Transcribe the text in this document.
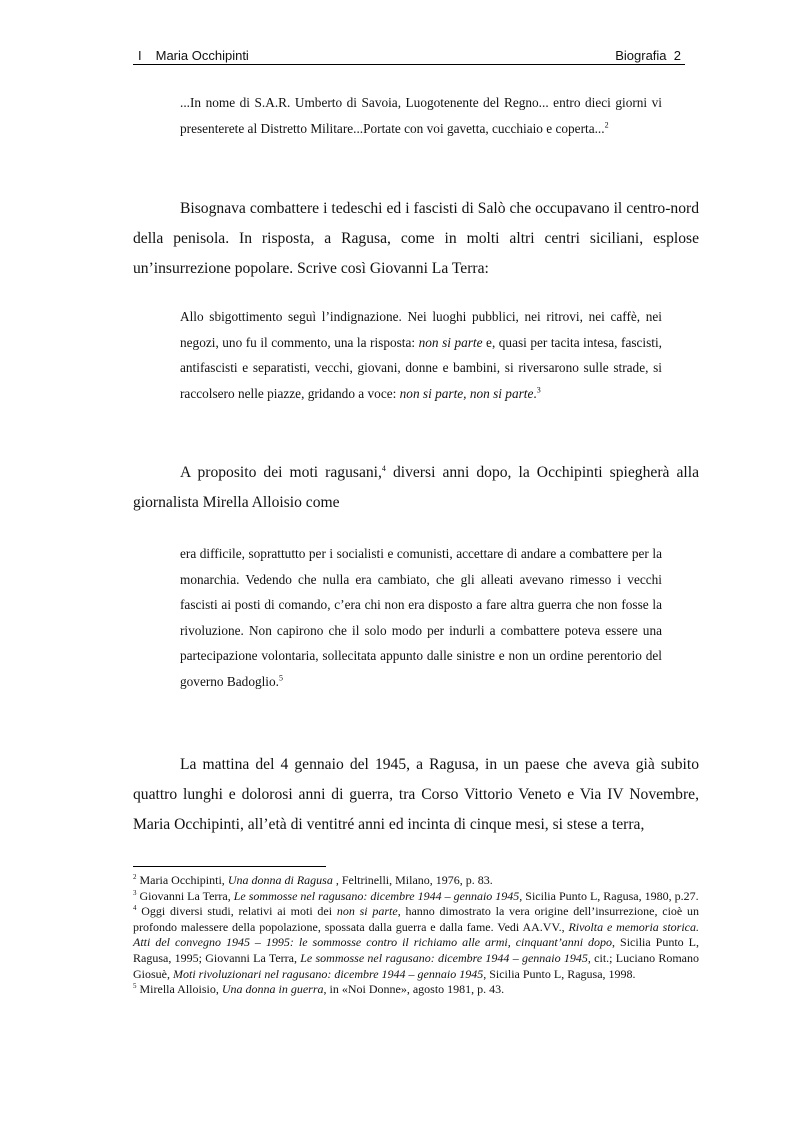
I Maria Occhipinti	Biografia 2

...In nome di S.A.R. Umberto di Savoia, Luogotenente del Regno... entro dieci giorni vi presenterete al Distretto Militare...Portate con voi gavetta, cucchiaio e coperta...$^2$

Bisognava combattere i tedeschi ed i fascisti di Salò che occupavano il centro-nord della penisola. In risposta, a Ragusa, come in molti altri centri siciliani, esplose un’insurrezione popolare. Scrive così Giovanni La Terra:

Allo sbigottimento seguì l’indignazione. Nei luoghi pubblici, nei ritrovi, nei caffè, nei negozi, uno fu il commento, una la risposta: non si parte e, quasi per tacita intesa, fascisti, antifascisti e separatisti, vecchi, giovani, donne e bambini, si riversarono sulle strade, si raccolsero nelle piazze, gridando a voce: non si parte, non si parte.$^3$

A proposito dei moti ragusani,$^4$ diversi anni dopo, la Occhipinti spiegherà alla giornalista Mirella Alloisio come

era difficile, soprattutto per i socialisti e comunisti, accettare di andare a combattere per la monarchia. Vedendo che nulla era cambiato, che gli alleati avevano rimesso i vecchi fascisti ai posti di comando, c’era chi non era disposto a fare altra guerra che non fosse la rivoluzione. Non capirono che il solo modo per indurli a combattere poteva essere una partecipazione volontaria, sollecitata appunto dalle sinistre e non un ordine perentorio del governo Badoglio.$^5$

La mattina del 4 gennaio del 1945, a Ragusa, in un paese che aveva già subito quattro lunghi e dolorosi anni di guerra, tra Corso Vittorio Veneto e Via IV Novembre, Maria Occhipinti, all’età di ventitré anni ed incinta di cinque mesi, si stese a terra,

$^2$ Maria Occhipinti, Una donna di Ragusa , Feltrinelli, Milano, 1976, p. 83.

$^3$ Giovanni La Terra, Le sommosse nel ragusano: dicembre 1944 – gennaio 1945, Sicilia Punto L, Ragusa, 1980, p.27.

$^4$ Oggi diversi studi, relativi ai moti dei non si parte, hanno dimostrato la vera origine dell’insurrezione, cioè un profondo malessere della popolazione, spossata dalla guerra e dalla fame. Vedi AA.VV., Rivolta e memoria storica. Atti del convegno 1945 – 1995: le sommosse contro il richiamo alle armi, cinquant’anni dopo, Sicilia Punto L, Ragusa, 1995; Giovanni La Terra, Le sommosse nel ragusano: dicembre 1944 – gennaio 1945, cit.; Luciano Romano Giosuè, Moti rivoluzionari nel ragusano: dicembre 1944 – gennaio 1945, Sicilia Punto L, Ragusa, 1998.

$^5$ Mirella Alloisio, Una donna in guerra, in «Noi Donne», agosto 1981, p. 43.
